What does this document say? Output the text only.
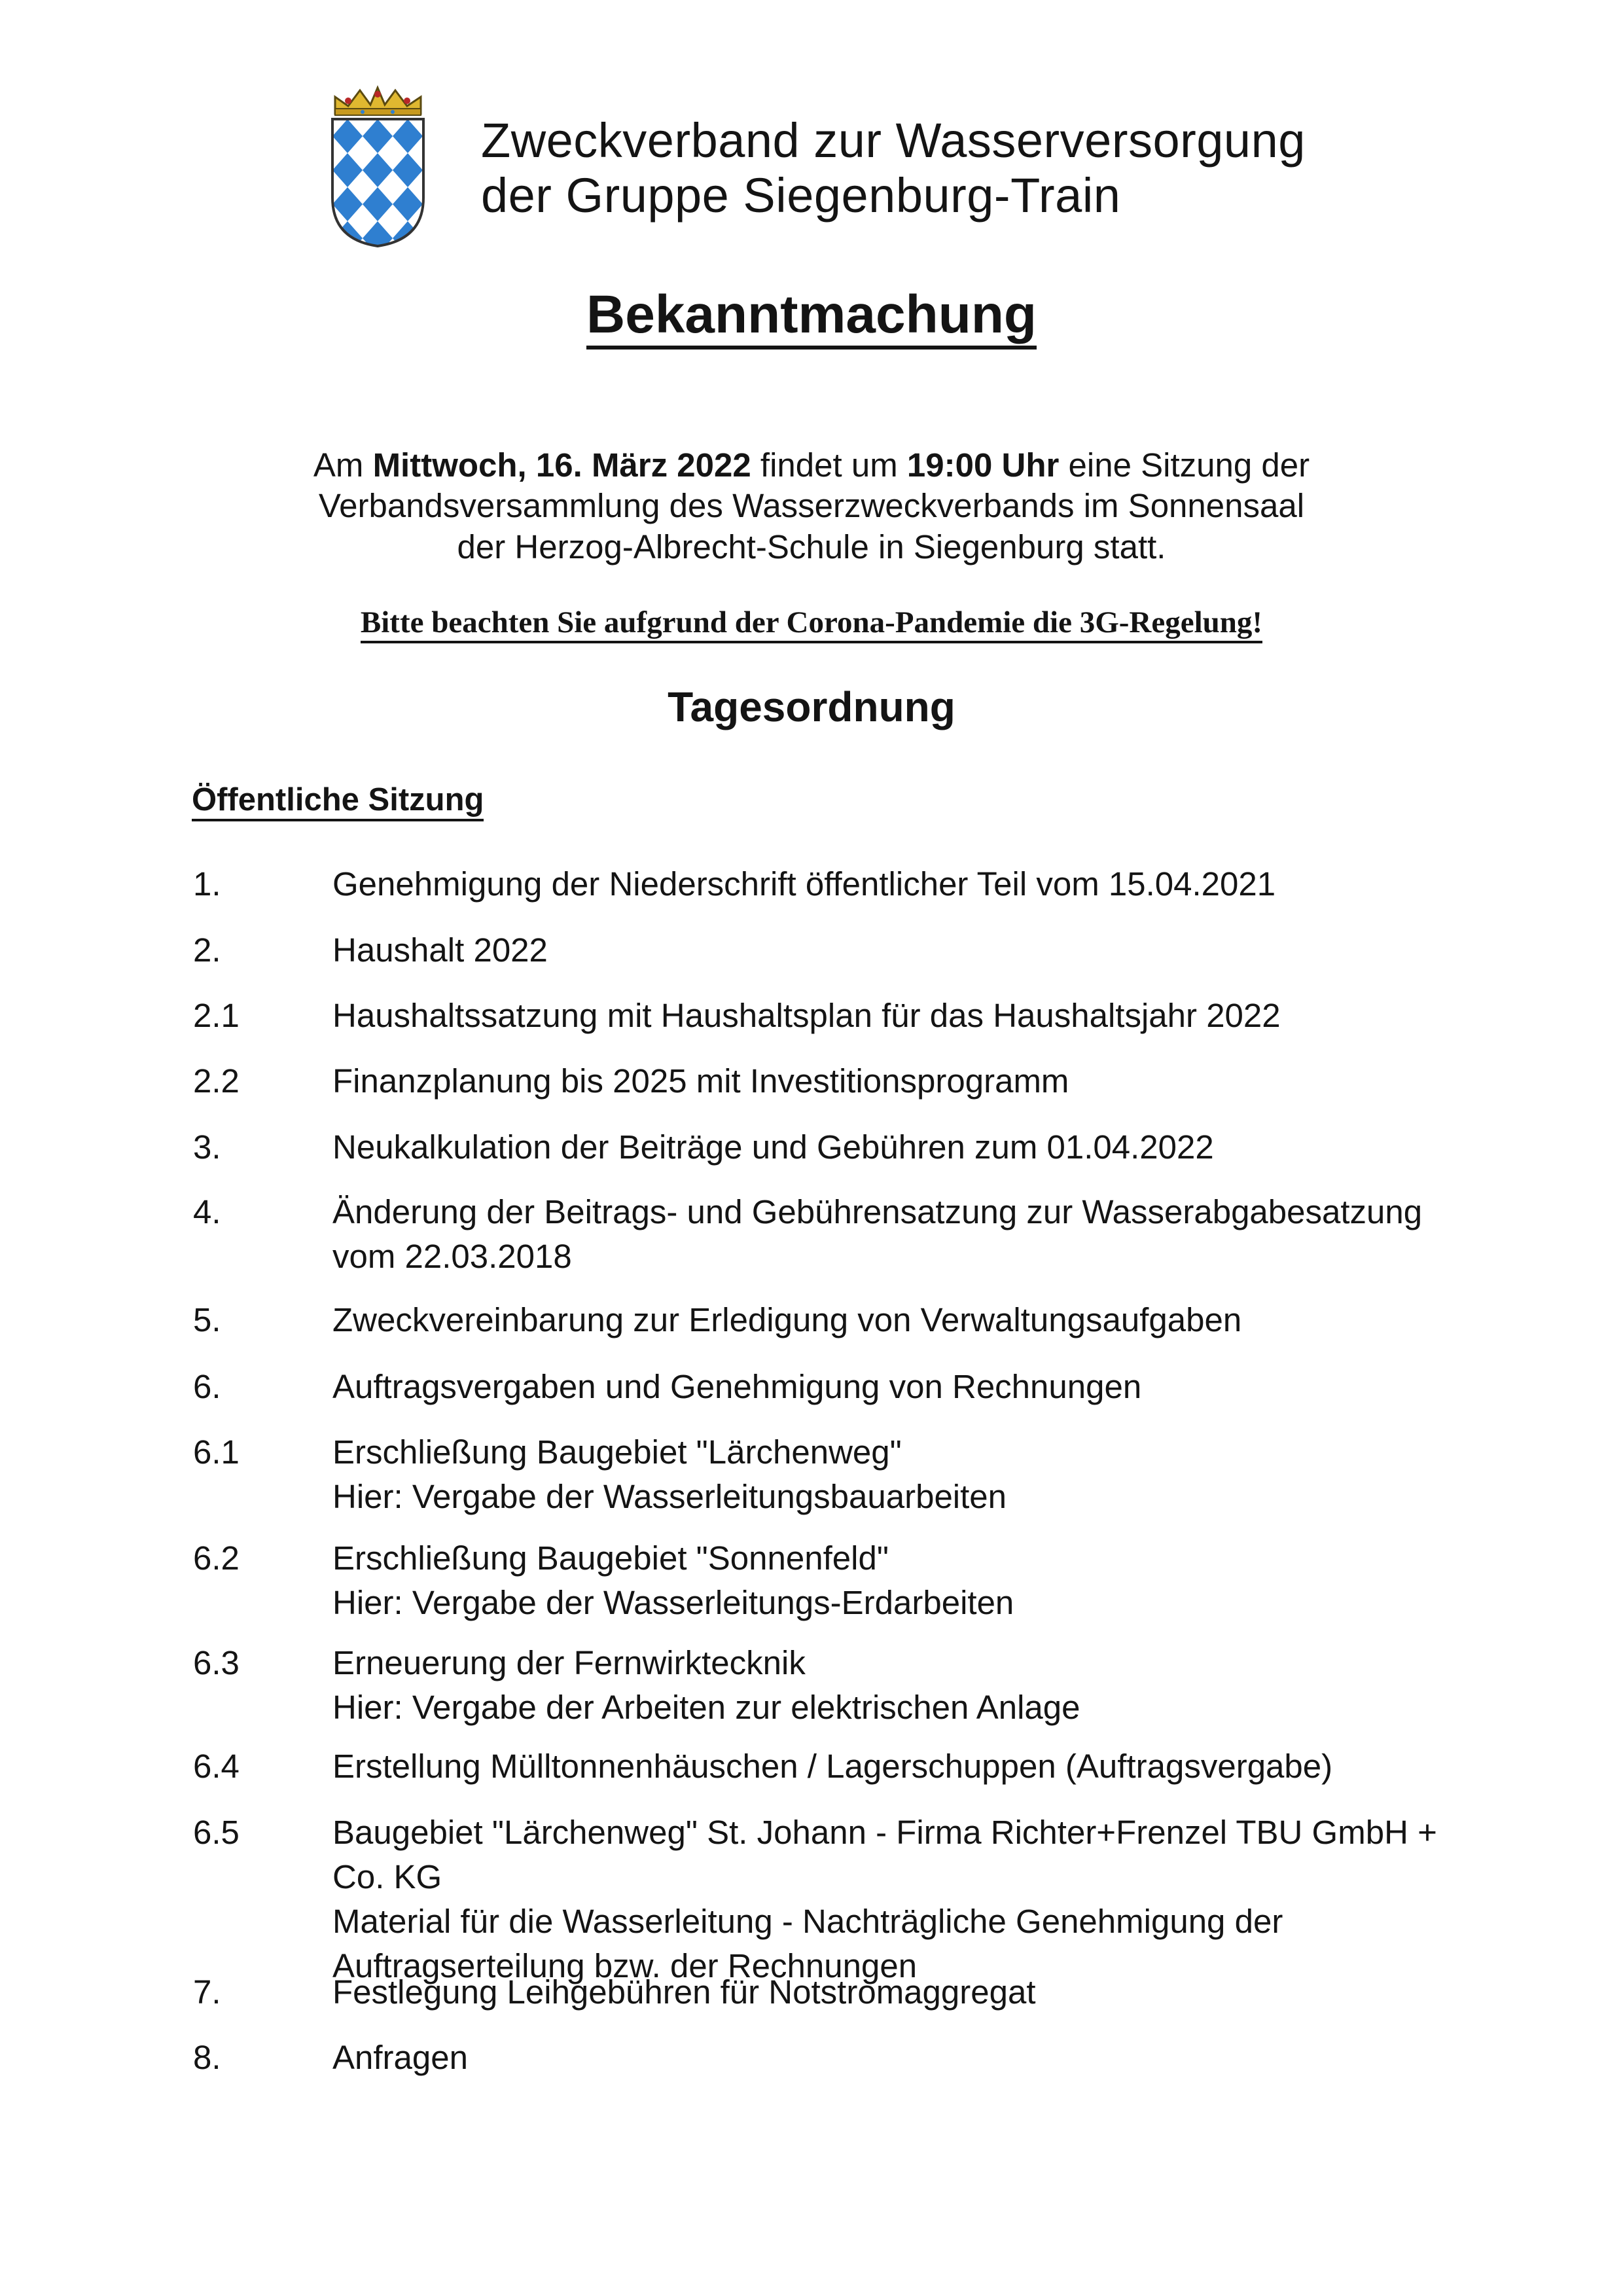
Zweckverband zur Wasserversorgung
der Gruppe Siegenburg-Train
Bekanntmachung
Am Mittwoch, 16. März 2022 findet um 19:00 Uhr eine Sitzung der
Verbandsversammlung des Wasserzweckverbands im Sonnensaal
der Herzog-Albrecht-Schule in Siegenburg statt.
Bitte beachten Sie aufgrund der Corona-Pandemie die 3G-Regelung!
Tagesordnung
Öffentliche Sitzung
1.	Genehmigung der Niederschrift öffentlicher Teil vom 15.04.2021
2.	Haushalt 2022
2.1	Haushaltssatzung mit Haushaltsplan für das Haushaltsjahr 2022
2.2	Finanzplanung bis 2025 mit Investitionsprogramm
3.	Neukalkulation der Beiträge und Gebühren zum 01.04.2022
4.	Änderung der Beitrags- und Gebührensatzung zur Wasserabgabesatzung
vom 22.03.2018
5.	Zweckvereinbarung zur Erledigung von Verwaltungsaufgaben
6.	Auftragsvergaben und Genehmigung von Rechnungen
6.1	Erschließung Baugebiet "Lärchenweg"
Hier: Vergabe der Wasserleitungsbauarbeiten
6.2	Erschließung Baugebiet "Sonnenfeld"
Hier: Vergabe der Wasserleitungs-Erdarbeiten
6.3	Erneuerung der Fernwirktecknik
Hier: Vergabe der Arbeiten zur elektrischen Anlage
6.4	Erstellung Mülltonnenhäuschen / Lagerschuppen (Auftragsvergabe)
6.5	Baugebiet "Lärchenweg" St. Johann - Firma Richter+Frenzel TBU GmbH +
Co. KG
Material für die Wasserleitung - Nachträgliche Genehmigung der
Auftragserteilung bzw. der Rechnungen
7.	Festlegung Leihgebühren für Notstromaggregat
8.	Anfragen
